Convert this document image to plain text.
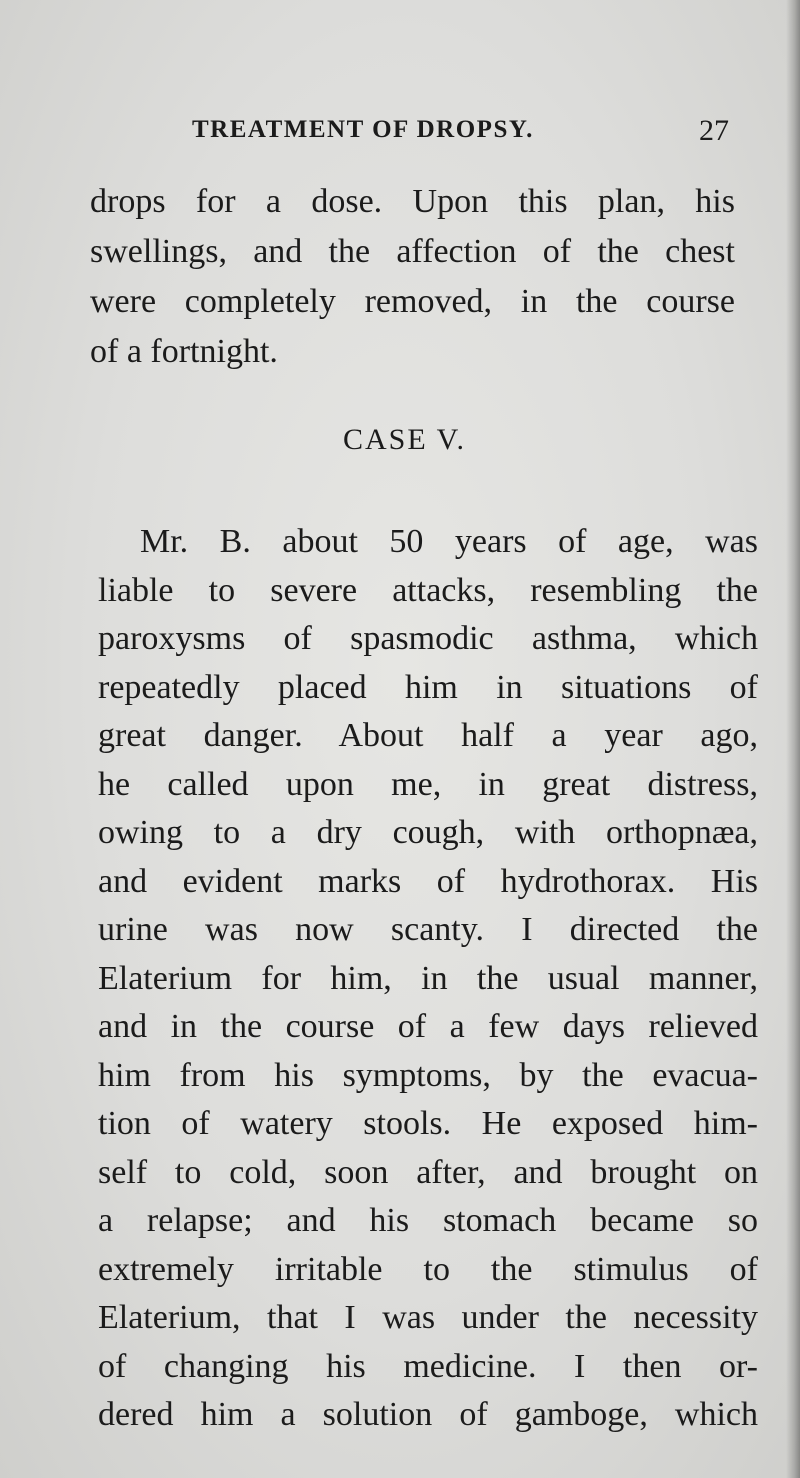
TREATMENT OF DROPSY.	27
drops for a dose. Upon this plan, his
swellings, and the affection of the chest
were completely removed, in the course
of a fortnight.
CASE V.
Mr. B. about 50 years of age, was
liable to severe attacks, resembling the
paroxysms of spasmodic asthma, which
repeatedly placed him in situations of
great danger. About half a year ago,
he called upon me, in great distress,
owing to a dry cough, with orthopnæa,
and evident marks of hydrothorax. His
urine was now scanty. I directed the
Elaterium for him, in the usual manner,
and in the course of a few days relieved
him from his symptoms, by the evacua-
tion of watery stools. He exposed him-
self to cold, soon after, and brought on
a relapse; and his stomach became so
extremely irritable to the stimulus of
Elaterium, that I was under the necessity
of changing his medicine. I then or-
dered him a solution of gamboge, which
